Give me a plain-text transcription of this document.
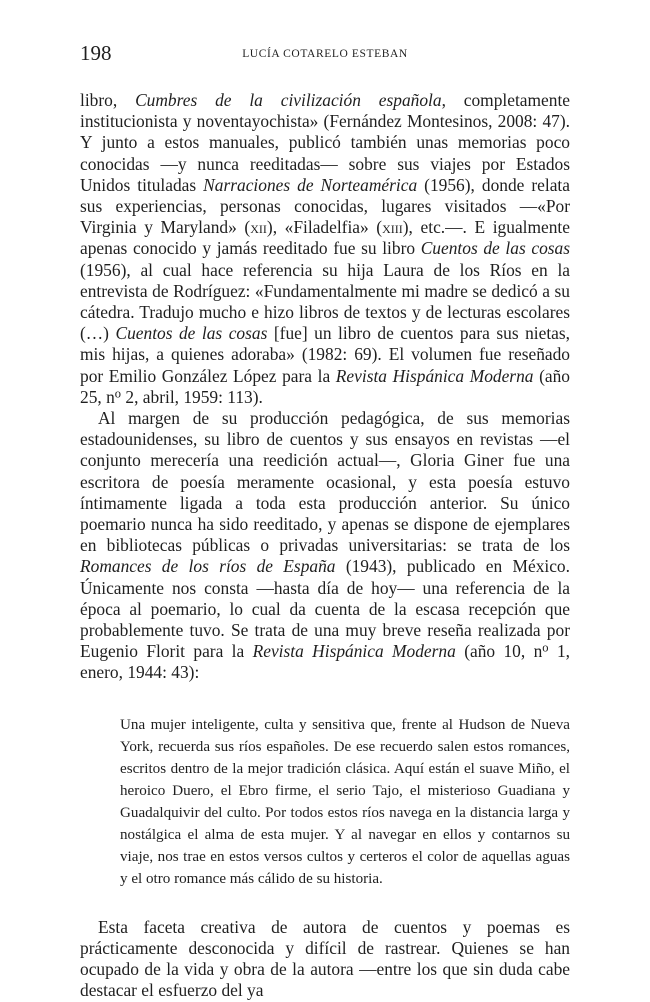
198	LUCÍA COTARELO ESTEBAN

libro, Cumbres de la civilización española, completamente institucionista y noventayochista» (Fernández Montesinos, 2008: 47). Y junto a estos manuales, publicó también unas memorias poco conocidas —y nunca reeditadas— sobre sus viajes por Estados Unidos tituladas Narraciones de Norteamérica (1956), donde relata sus experiencias, personas conocidas, lugares visitados —«Por Virginia y Maryland» (xii), «Filadelfia» (xiii), etc.—. E igualmente apenas conocido y jamás reeditado fue su libro Cuentos de las cosas (1956), al cual hace referencia su hija Laura de los Ríos en la entrevista de Rodríguez: «Fundamentalmente mi madre se dedicó a su cátedra. Tradujo mucho e hizo libros de textos y de lecturas escolares (…) Cuentos de las cosas [fue] un libro de cuentos para sus nietas, mis hijas, a quienes adoraba» (1982: 69). El volumen fue reseñado por Emilio González López para la Revista Hispánica Moderna (año 25, $n^o$ 2, abril, 1959: 113).

Al margen de su producción pedagógica, de sus memorias estadounidenses, su libro de cuentos y sus ensayos en revistas —el conjunto merecería una reedición actual—, Gloria Giner fue una escritora de poesía meramente ocasional, y esta poesía estuvo íntimamente ligada a toda esta producción anterior. Su único poemario nunca ha sido reeditado, y apenas se dispone de ejemplares en bibliotecas públicas o privadas universitarias: se trata de los Romances de los ríos de España (1943), publicado en México. Únicamente nos consta —hasta día de hoy— una referencia de la época al poemario, lo cual da cuenta de la escasa recepción que probablemente tuvo. Se trata de una muy breve reseña realizada por Eugenio Florit para la Revista Hispánica Moderna (año 10, $n^o$ 1, enero, 1944: 43):

Una mujer inteligente, culta y sensitiva que, frente al Hudson de Nueva York, recuerda sus ríos españoles. De ese recuerdo salen estos romances, escritos dentro de la mejor tradición clásica. Aquí están el suave Miño, el heroico Duero, el Ebro firme, el serio Tajo, el misterioso Guadiana y Guadalquivir del culto. Por todos estos ríos navega en la distancia larga y nostálgica el alma de esta mujer. Y al navegar en ellos y contarnos su viaje, nos trae en estos versos cultos y certeros el color de aquellas aguas y el otro romance más cálido de su historia.

Esta faceta creativa de autora de cuentos y poemas es prácticamente desconocida y difícil de rastrear. Quienes se han ocupado de la vida y obra de la autora —entre los que sin duda cabe destacar el esfuerzo del ya
